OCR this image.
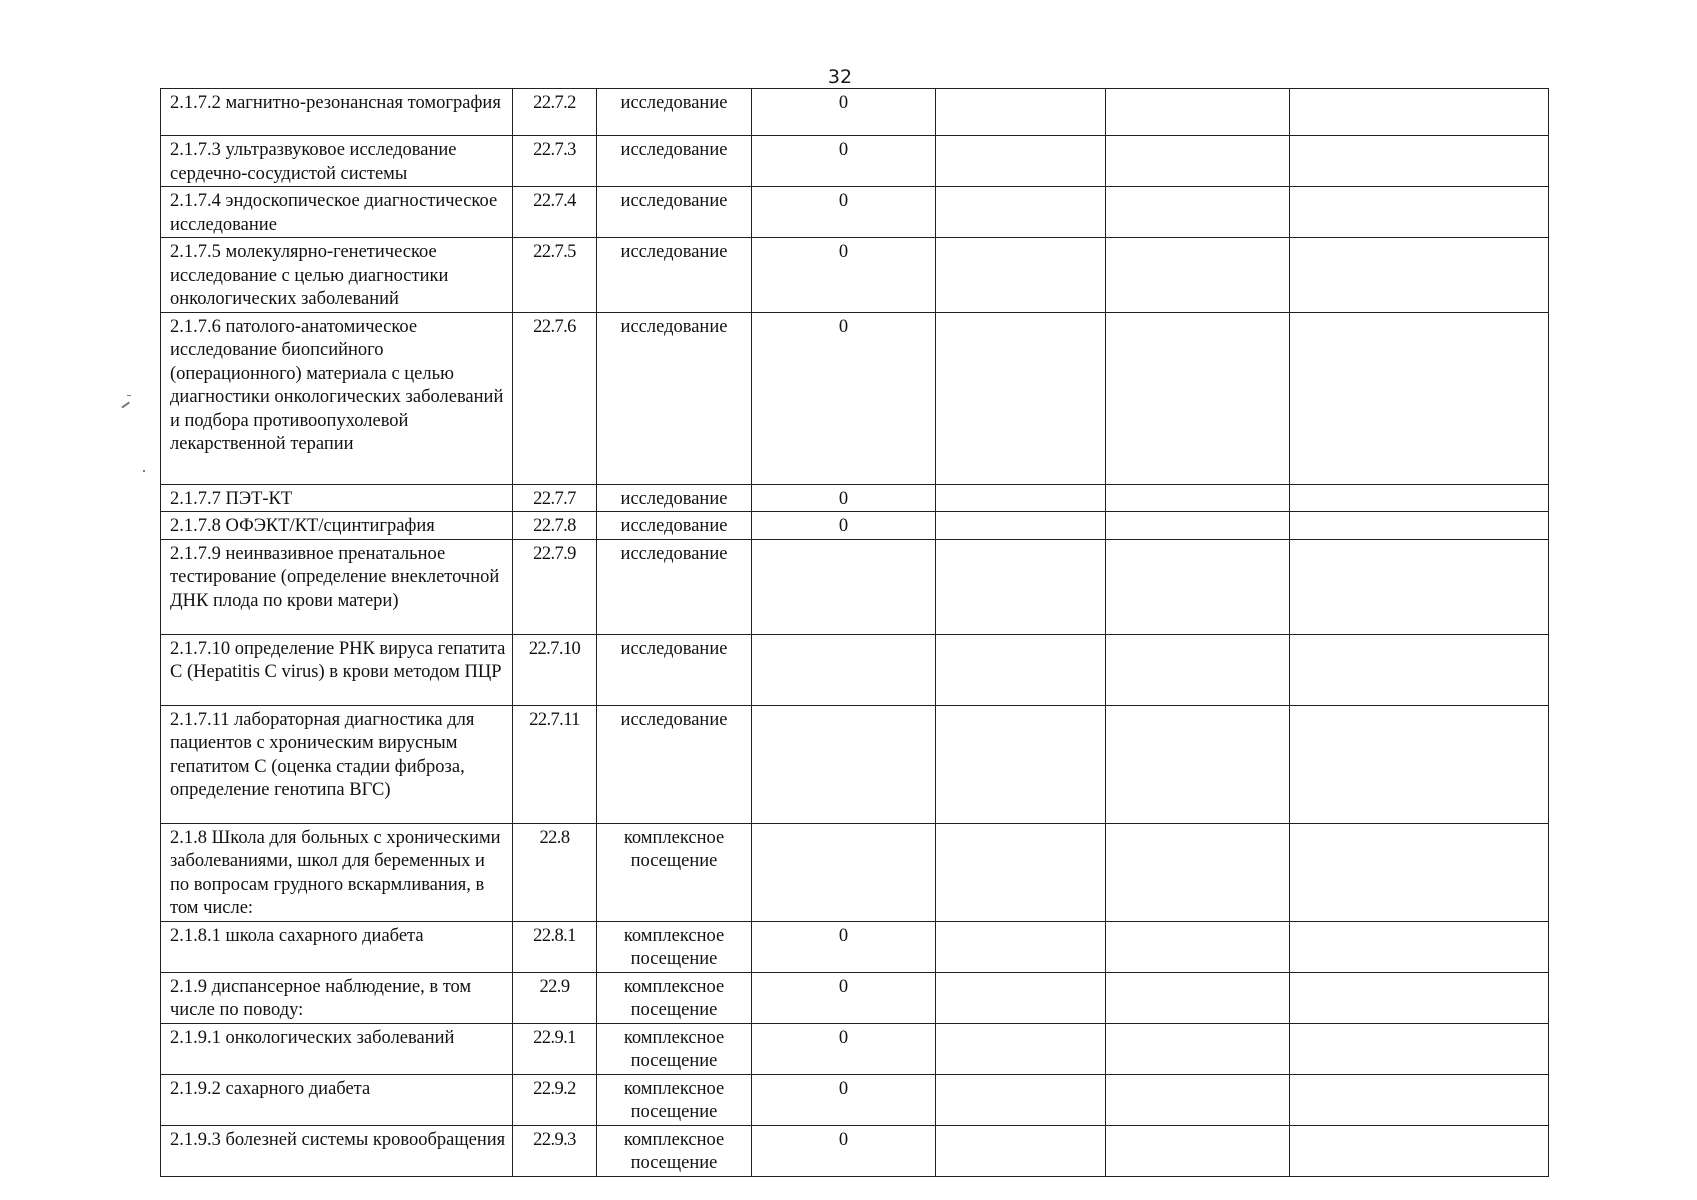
32
2.1.7.2 магнитно-резонансная томография	22.7.2	исследование	0			
2.1.7.3 ультразвуковое исследование сердечно-сосудистой системы	22.7.3	исследование	0			
2.1.7.4 эндоскопическое диагностическое исследование	22.7.4	исследование	0			
2.1.7.5 молекулярно-генетическое исследование с целью диагностики онкологических заболеваний	22.7.5	исследование	0			
2.1.7.6 патолого-анатомическое исследование биопсийного (операционного) материала с целью диагностики онкологических заболеваний и подбора противоопухолевой лекарственной терапии	22.7.6	исследование	0			
2.1.7.7 ПЭТ-КТ	22.7.7	исследование	0			
2.1.7.8 ОФЭКТ/КТ/сцинтиграфия	22.7.8	исследование	0			
2.1.7.9 неинвазивное пренатальное тестирование (определение внеклеточной ДНК плода по крови матери)	22.7.9	исследование				
2.1.7.10 определение РНК вируса гепатита С (Hepatitis C virus) в крови методом ПЦР	22.7.10	исследование				
2.1.7.11 лабораторная диагностика для пациентов с хроническим вирусным гепатитом С (оценка стадии фиброза, определение генотипа ВГС)	22.7.11	исследование				
2.1.8 Школа для больных с хроническими заболеваниями, школ для беременных и по вопросам грудного вскармливания, в том числе:	22.8	комплексное посещение				
2.1.8.1 школа сахарного диабета	22.8.1	комплексное посещение	0			
2.1.9 диспансерное наблюдение, в том числе по поводу:	22.9	комплексное посещение	0			
2.1.9.1 онкологических заболеваний	22.9.1	комплексное посещение	0			
2.1.9.2 сахарного диабета	22.9.2	комплексное посещение	0			
2.1.9.3 болезней системы кровообращения	22.9.3	комплексное посещение	0			
